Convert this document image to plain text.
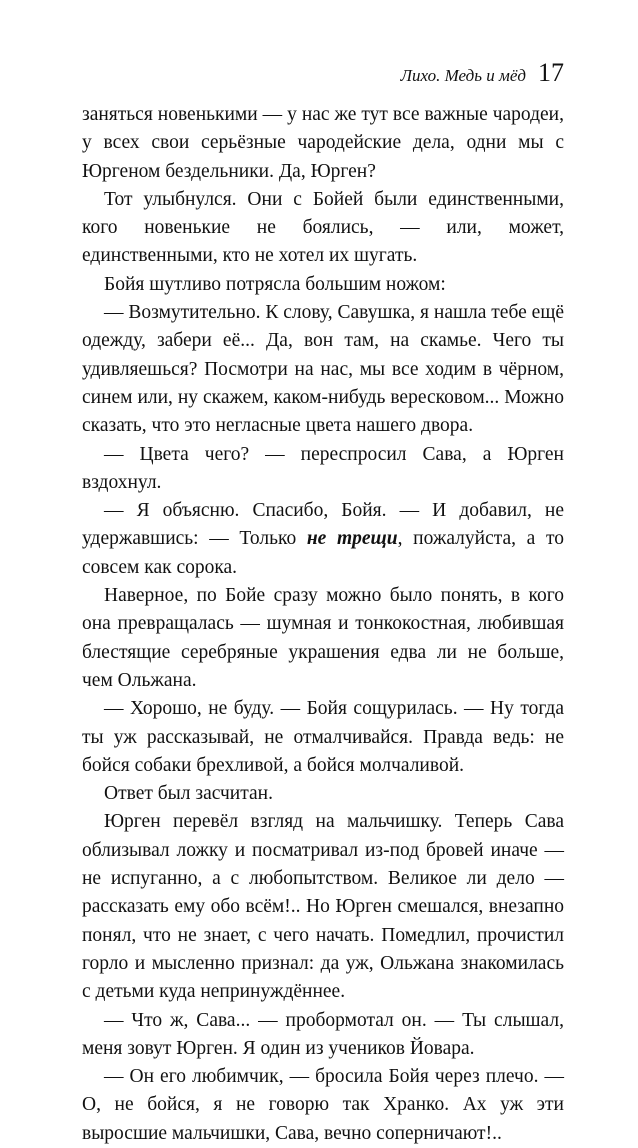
Лихо. Медь и мёд 17

заняться новенькими — у нас же тут все важные чародеи, у всех свои серьёзные чародейские дела, одни мы с Юргеном бездельники. Да, Юрген?

Тот улыбнулся. Они с Бойей были единственными, кого новенькие не боялись, — или, может, единственными, кто не хотел их шугать.

Бойя шутливо потрясла большим ножом:

— Возмутительно. К слову, Савушка, я нашла тебе ещё одежду, забери её... Да, вон там, на скамье. Чего ты удивляешься? Посмотри на нас, мы все ходим в чёрном, синем или, ну скажем, каком-нибудь вересковом... Можно сказать, что это негласные цвета нашего двора.

— Цвета чего? — переспросил Сава, а Юрген вздохнул.

— Я объясню. Спасибо, Бойя. — И добавил, не удержавшись: — Только не трещи, пожалуйста, а то совсем как сорока.

Наверное, по Бойе сразу можно было понять, в кого она превращалась — шумная и тонкокостная, любившая блестящие серебряные украшения едва ли не больше, чем Ольжана.

— Хорошо, не буду. — Бойя сощурилась. — Ну тогда ты уж рассказывай, не отмалчивайся. Правда ведь: не бойся собаки брехливой, а бойся молчаливой.

Ответ был засчитан.

Юрген перевёл взгляд на мальчишку. Теперь Сава облизывал ложку и посматривал из-под бровей иначе — не испуганно, а с любопытством. Великое ли дело — рассказать ему обо всём!.. Но Юрген смешался, внезапно понял, что не знает, с чего начать. Помедлил, прочистил горло и мысленно признал: да уж, Ольжана знакомилась с детьми куда непринуждённее.

— Что ж, Сава... — пробормотал он. — Ты слышал, меня зовут Юрген. Я один из учеников Йовара.

— Он его любимчик, — бросила Бойя через плечо. — О, не бойся, я не говорю так Хранко. Ах уж эти выросшие мальчишки, Сава, вечно соперничают!..
